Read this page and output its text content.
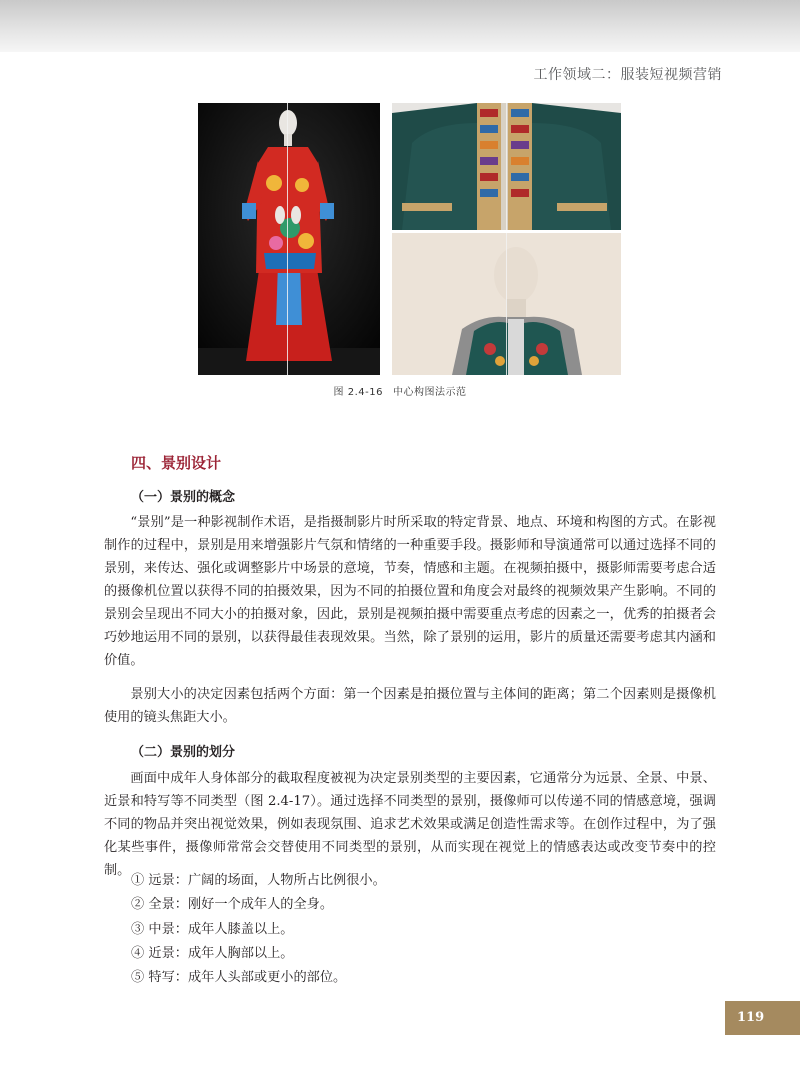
工作领域二：服装短视频营销
图 2.4-16 中心构图法示范
四、景别设计
（一）景别的概念

“景别”是一种影视制作术语，是指摄制影片时所采取的特定背景、地点、环境和构图的方式。在影视制作的过程中，景别是用来增强影片气氛和情绪的一种重要手段。摄影师和导演通常可以通过选择不同的景别，来传达、强化或调整影片中场景的意境，节奏，情感和主题。在视频拍摄中，摄影师需要考虑合适的摄像机位置以获得不同的拍摄效果，因为不同的拍摄位置和角度会对最终的视频效果产生影响。不同的景别会呈现出不同大小的拍摄对象，因此，景别是视频拍摄中需要重点考虑的因素之一，优秀的拍摄者会巧妙地运用不同的景别，以获得最佳表现效果。当然，除了景别的运用，影片的质量还需要考虑其内涵和价值。

景别大小的决定因素包括两个方面：第一个因素是拍摄位置与主体间的距离；第二个因素则是摄像机使用的镜头焦距大小。

（二）景别的划分

画面中成年人身体部分的截取程度被视为决定景别类型的主要因素，它通常分为远景、全景、中景、近景和特写等不同类型（图 2.4-17）。通过选择不同类型的景别，摄像师可以传递不同的情感意境，强调不同的物品并突出视觉效果，例如表现氛围、追求艺术效果或满足创造性需求等。在创作过程中，为了强化某些事件，摄像师常常会交替使用不同类型的景别，从而实现在视觉上的情感表达或改变节奏中的控制。

① 远景：广阔的场面，人物所占比例很小。
② 全景：刚好一个成年人的全身。
③ 中景：成年人膝盖以上。
④ 近景：成年人胸部以上。
⑤ 特写：成年人头部或更小的部位。
119
